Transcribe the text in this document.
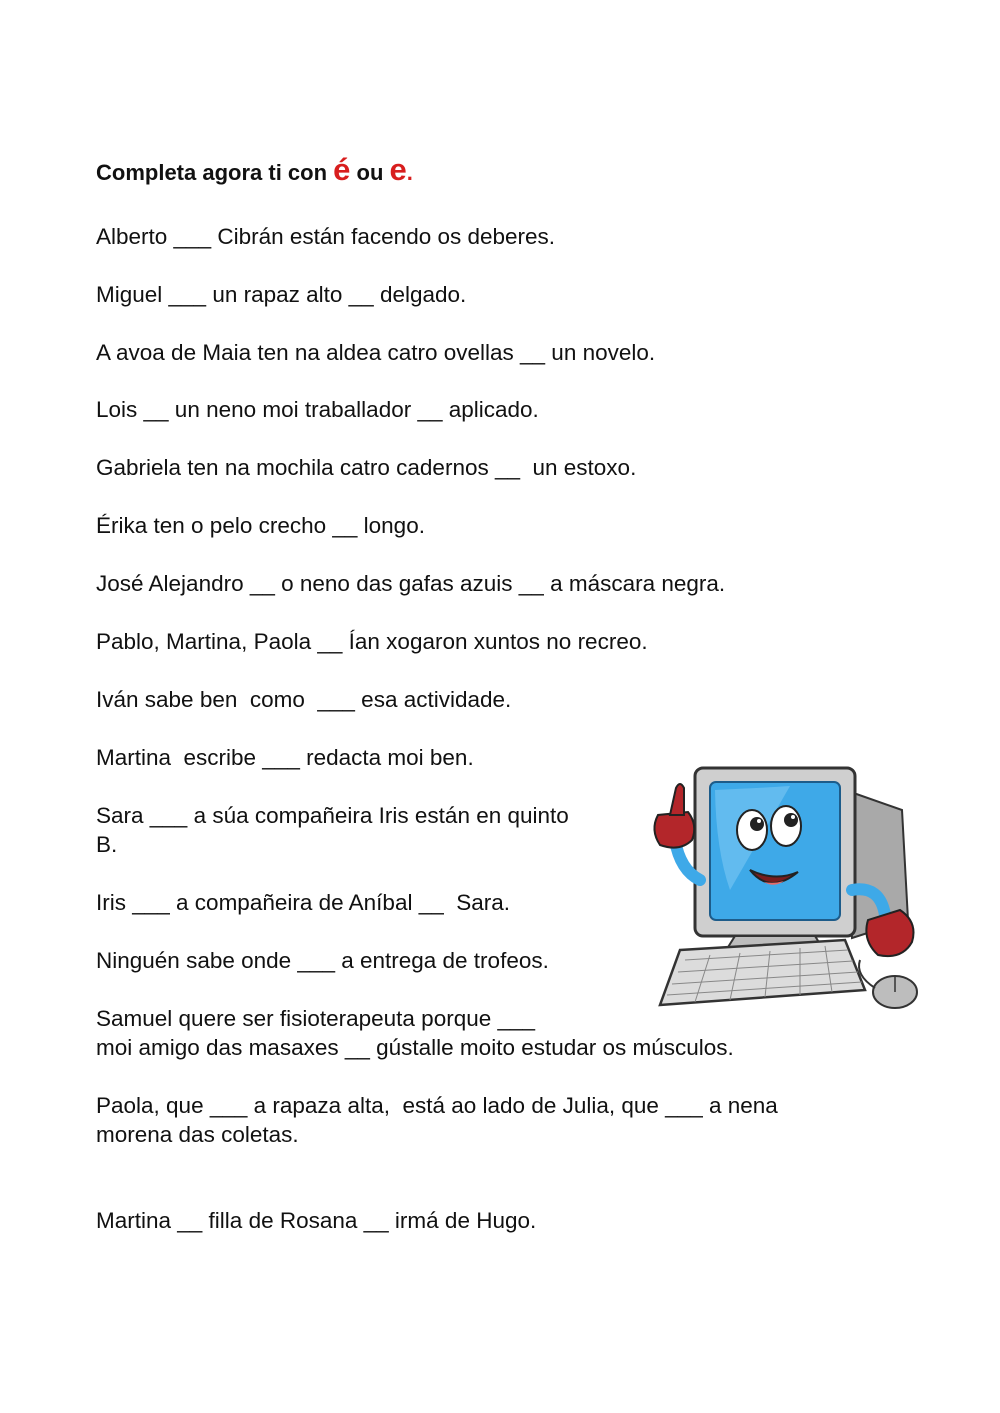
Completa agora ti con é ou e.
Alberto ___ Cibrán están facendo os deberes.
Miguel ___ un rapaz alto __ delgado.
A avoa de Maia ten na aldea catro ovellas __ un novelo.
Lois __ un neno moi traballador __ aplicado.
Gabriela ten na mochila catro cadernos __  un estoxo.
Érika ten o pelo crecho __ longo.
José Alejandro __ o neno das gafas azuis __ a máscara negra.
Pablo, Martina, Paola __ Ían xogaron xuntos no recreo.
Iván sabe ben  como  ___ esa actividade.
Martina  escribe ___ redacta moi ben.
Sara ___ a súa compañeira Iris están en quinto
B.
Iris ___ a compañeira de Aníbal __  Sara.
Ninguén sabe onde ___ a entrega de trofeos.
Samuel quere ser fisioterapeuta porque ___
moi amigo das masaxes __ gústalle moito estudar os músculos.
Paola, que ___ a rapaza alta,  está ao lado de Julia, que ___ a nena
morena das coletas.
Martina __ filla de Rosana __ irmá de Hugo.
